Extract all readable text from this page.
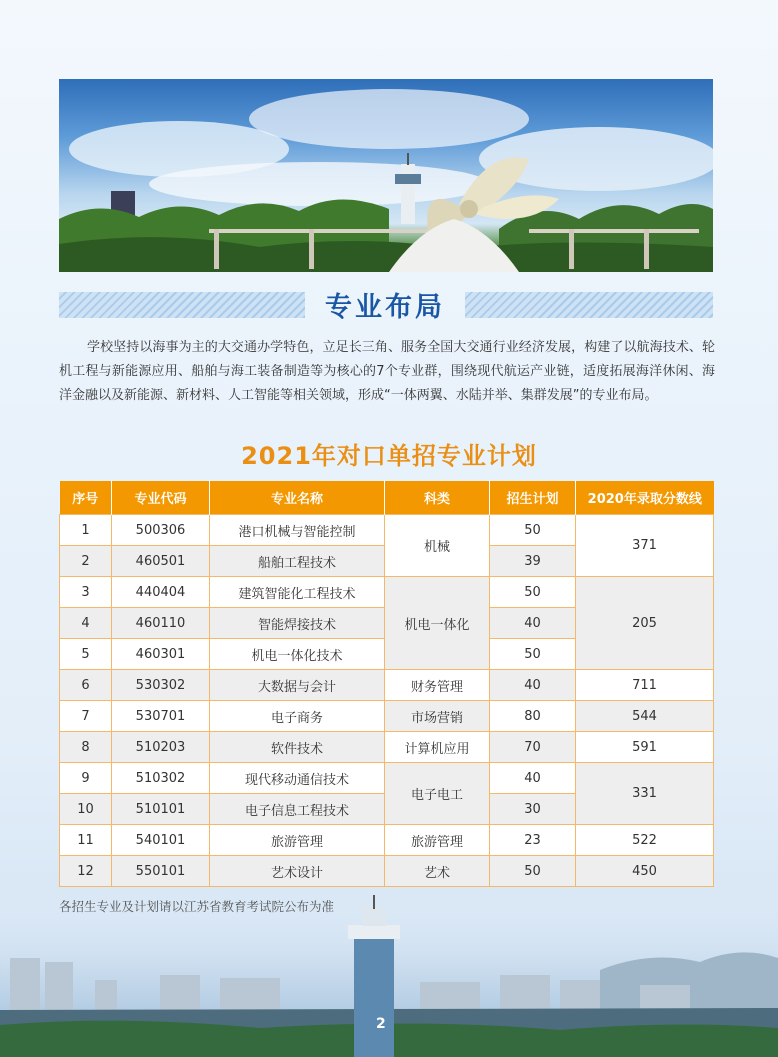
专业布局

学校坚持以海事为主的大交通办学特色，立足长三角、服务全国大交通行业经济发展，构建了以航海技术、轮机工程与新能源应用、船舶与海工装备制造等为核心的7个专业群，围绕现代航运产业链，适度拓展海洋休闲、海洋金融以及新能源、新材料、人工智能等相关领域，形成“一体两翼、水陆并举、集群发展”的专业布局。

2021年对口单招专业计划
序号	专业代码	专业名称	科类	招生计划	2020年录取分数线
1	500306	港口机械与智能控制	机械	50	371
2	460501	船舶工程技术		39	
3	440404	建筑智能化工程技术	机电一体化	50	205
4	460110	智能焊接技术		40	
5	460301	机电一体化技术		50	
6	530302	大数据与会计	财务管理	40	711
7	530701	电子商务	市场营销	80	544
8	510203	软件技术	计算机应用	70	591
9	510302	现代移动通信技术	电子电工	40	331
10	510101	电子信息工程技术		30	
11	540101	旅游管理	旅游管理	23	522
12	550101	艺术设计	艺术	50	450
2
